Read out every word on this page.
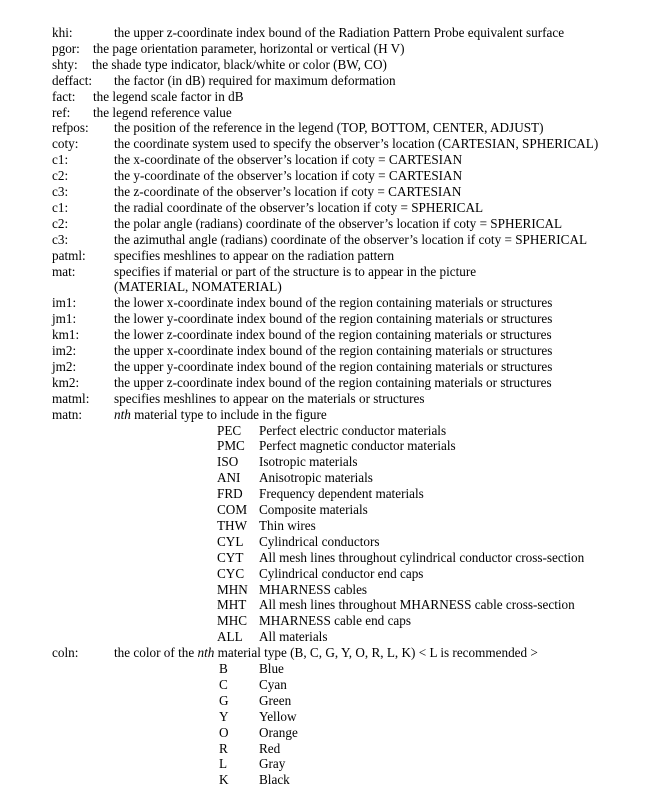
khi:	the upper z-coordinate index bound of the Radiation Pattern Probe equivalent surface
pgor: the page orientation parameter, horizontal or vertical (H V)
shty: the shade type indicator, black/white or color (BW, CO)
deffact: the factor (in dB) required for maximum deformation
fact: the legend scale factor in dB
ref: the legend reference value
refpos: the position of the reference in the legend (TOP, BOTTOM, CENTER, ADJUST)
coty:	the coordinate system used to specify the observer’s location (CARTESIAN, SPHERICAL)
c1:	the x-coordinate of the observer’s location if coty = CARTESIAN
c2:	the y-coordinate of the observer’s location if coty = CARTESIAN
c3:	the z-coordinate of the observer’s location if coty = CARTESIAN
c1:	the radial coordinate of the observer’s location if coty = SPHERICAL
c2:	the polar angle (radians) coordinate of the observer’s location if coty = SPHERICAL
c3:	the azimuthal angle (radians) coordinate of the observer’s location if coty = SPHERICAL
patml: specifies meshlines to appear on the radiation pattern
mat:	specifies if material or part of the structure is to appear in the picture
(MATERIAL, NOMATERIAL)
im1:	the lower x-coordinate index bound of the region containing materials or structures
jm1:	the lower y-coordinate index bound of the region containing materials or structures
km1:	the lower z-coordinate index bound of the region containing materials or structures
im2:	the upper x-coordinate index bound of the region containing materials or structures
jm2:	the upper y-coordinate index bound of the region containing materials or structures
km2:	the upper z-coordinate index bound of the region containing materials or structures
matml: specifies meshlines to appear on the materials or structures
matn: nth material type to include in the figure
PEC Perfect electric conductor materials
PMC Perfect magnetic conductor materials
ISO Isotropic materials
ANI Anisotropic materials
FRD Frequency dependent materials
COM Composite materials
THW Thin wires
CYL Cylindrical conductors
CYT All mesh lines throughout cylindrical conductor cross-section
CYC Cylindrical conductor end caps
MHN MHARNESS cables
MHT All mesh lines throughout MHARNESS cable cross-section
MHC MHARNESS cable end caps
ALL All materials
coln:	the color of the nth material type (B, C, G, Y, O, R, L, K) < L is recommended >
B Blue
C Cyan
G Green
Y Yellow
O Orange
R Red
L Gray
K Black
